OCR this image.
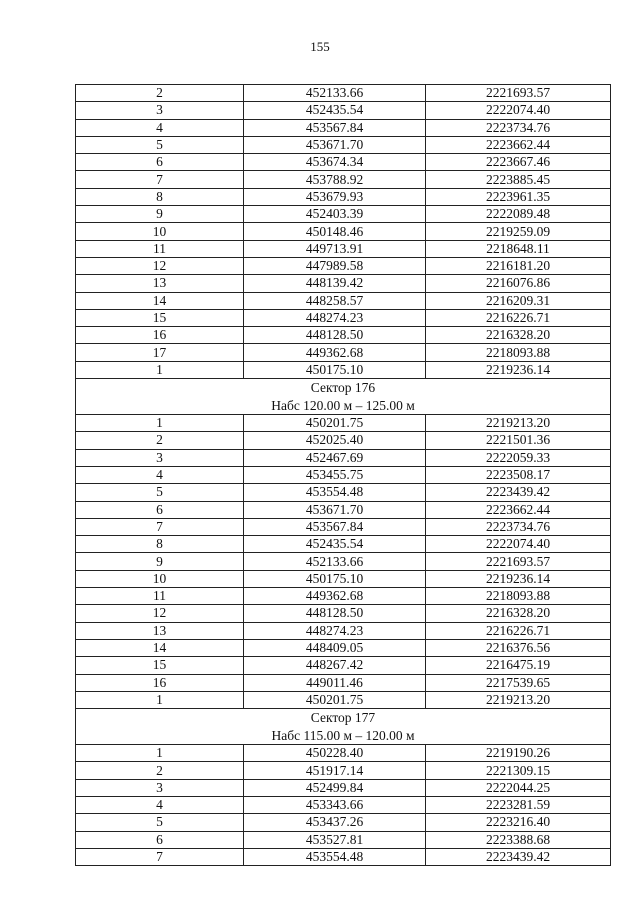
155
2	452133.66	2221693.57
3	452435.54	2222074.40
4	453567.84	2223734.76
5	453671.70	2223662.44
6	453674.34	2223667.46
7	453788.92	2223885.45
8	453679.93	2223961.35
9	452403.39	2222089.48
10	450148.46	2219259.09
11	449713.91	2218648.11
12	447989.58	2216181.20
13	448139.42	2216076.86
14	448258.57	2216209.31
15	448274.23	2216226.71
16	448128.50	2216328.20
17	449362.68	2218093.88
1	450175.10	2219236.14
Сектор 176		
Набс 120.00 м – 125.00 м		
1	450201.75	2219213.20
2	452025.40	2221501.36
3	452467.69	2222059.33
4	453455.75	2223508.17
5	453554.48	2223439.42
6	453671.70	2223662.44
7	453567.84	2223734.76
8	452435.54	2222074.40
9	452133.66	2221693.57
10	450175.10	2219236.14
11	449362.68	2218093.88
12	448128.50	2216328.20
13	448274.23	2216226.71
14	448409.05	2216376.56
15	448267.42	2216475.19
16	449011.46	2217539.65
1	450201.75	2219213.20
Сектор 177		
Набс 115.00 м – 120.00 м		
1	450228.40	2219190.26
2	451917.14	2221309.15
3	452499.84	2222044.25
4	453343.66	2223281.59
5	453437.26	2223216.40
6	453527.81	2223388.68
7	453554.48	2223439.42
